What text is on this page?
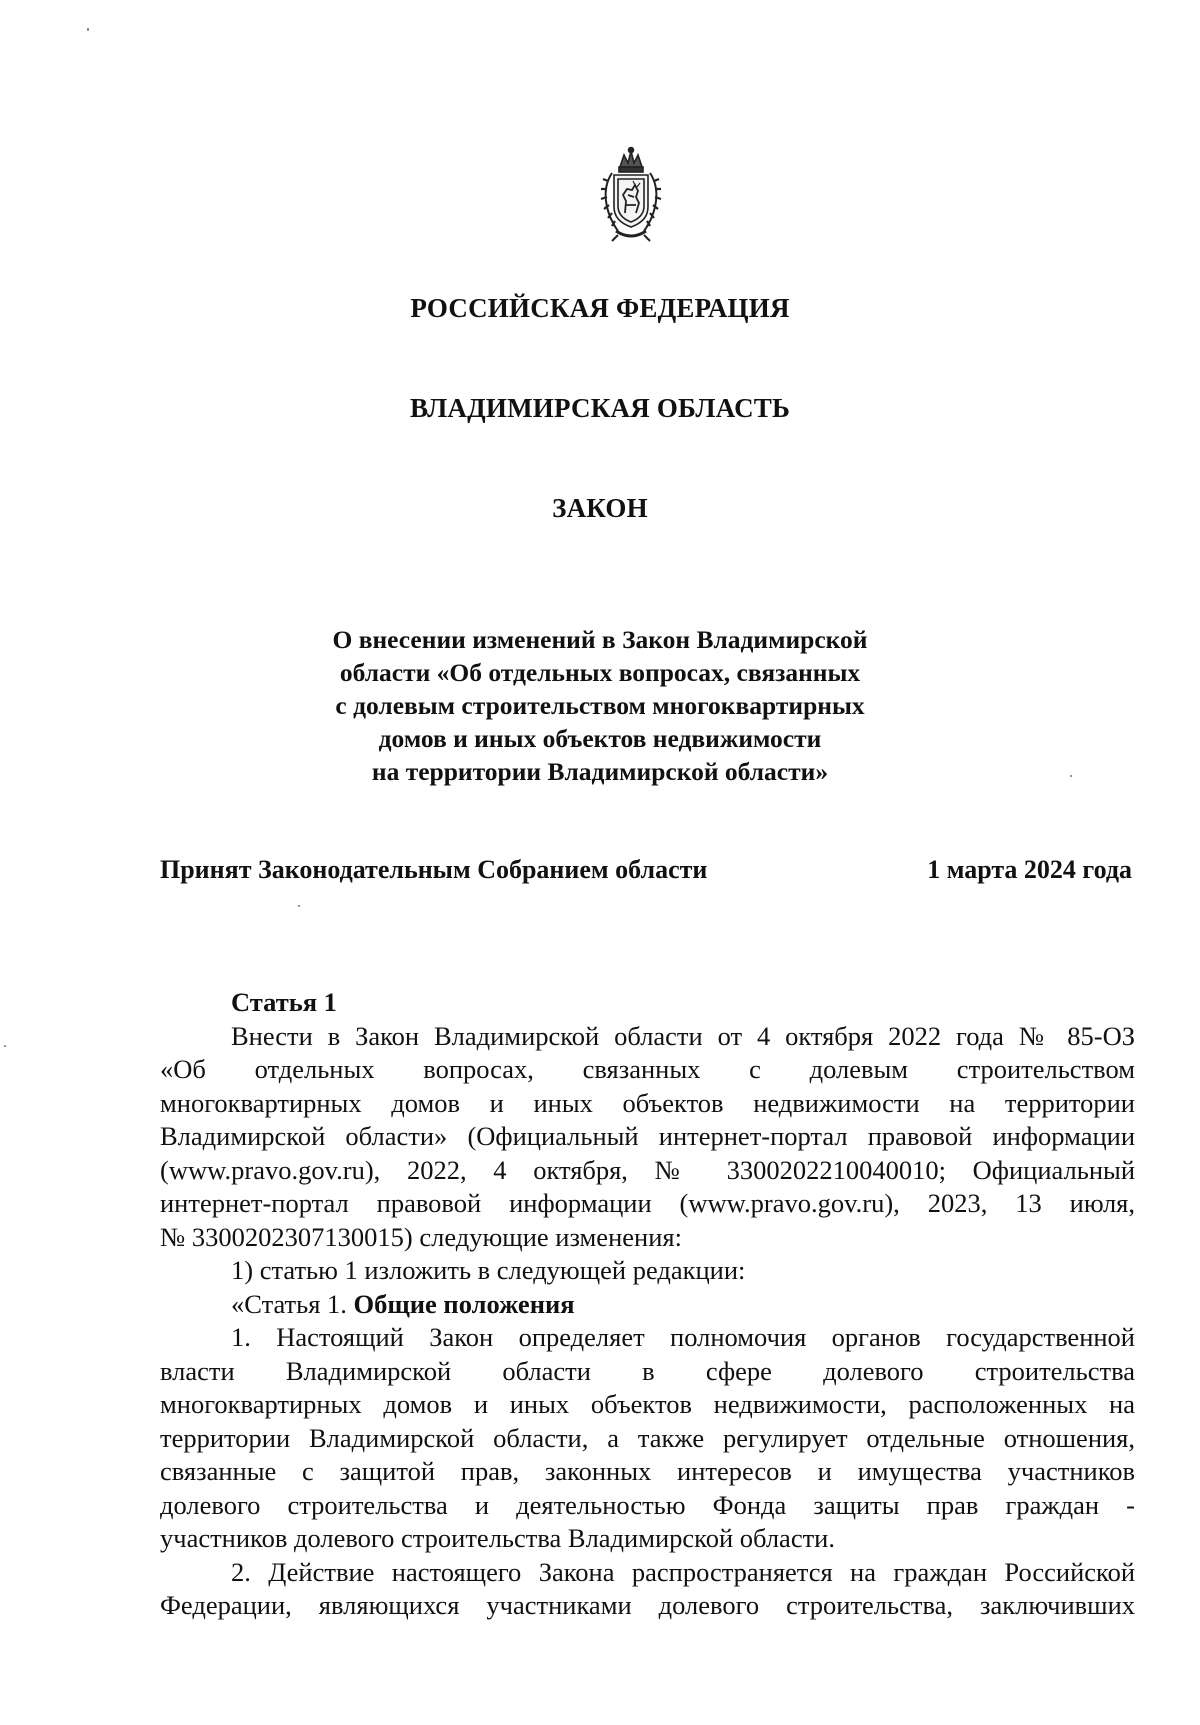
РОССИЙСКАЯ ФЕДЕРАЦИЯ
ВЛАДИМИРСКАЯ ОБЛАСТЬ
ЗАКОН
О внесении изменений в Закон Владимирской
области «Об отдельных вопросах, связанных
с долевым строительством многоквартирных
домов и иных объектов недвижимости
на территории Владимирской области»
Принят Законодательным Собранием области	1 марта 2024 года
Статья 1
Внести в Закон Владимирской области от 4 октября 2022 года № 85-ОЗ
«Об отдельных вопросах, связанных с долевым строительством
многоквартирных домов и иных объектов недвижимости на территории
Владимирской области» (Официальный интернет-портал правовой информации
(www.pravo.gov.ru), 2022, 4 октября, № 3300202210040010; Официальный
интернет-портал правовой информации (www.pravo.gov.ru), 2023, 13 июля,
№ 3300202307130015) следующие изменения:
1) статью 1 изложить в следующей редакции:
«Статья 1. Общие положения
1. Настоящий Закон определяет полномочия органов государственной
власти Владимирской области в сфере долевого строительства
многоквартирных домов и иных объектов недвижимости, расположенных на
территории Владимирской области, а также регулирует отдельные отношения,
связанные с защитой прав, законных интересов и имущества участников
долевого строительства и деятельностью Фонда защиты прав граждан -
участников долевого строительства Владимирской области.
2. Действие настоящего Закона распространяется на граждан Российской
Федерации, являющихся участниками долевого строительства, заключивших
